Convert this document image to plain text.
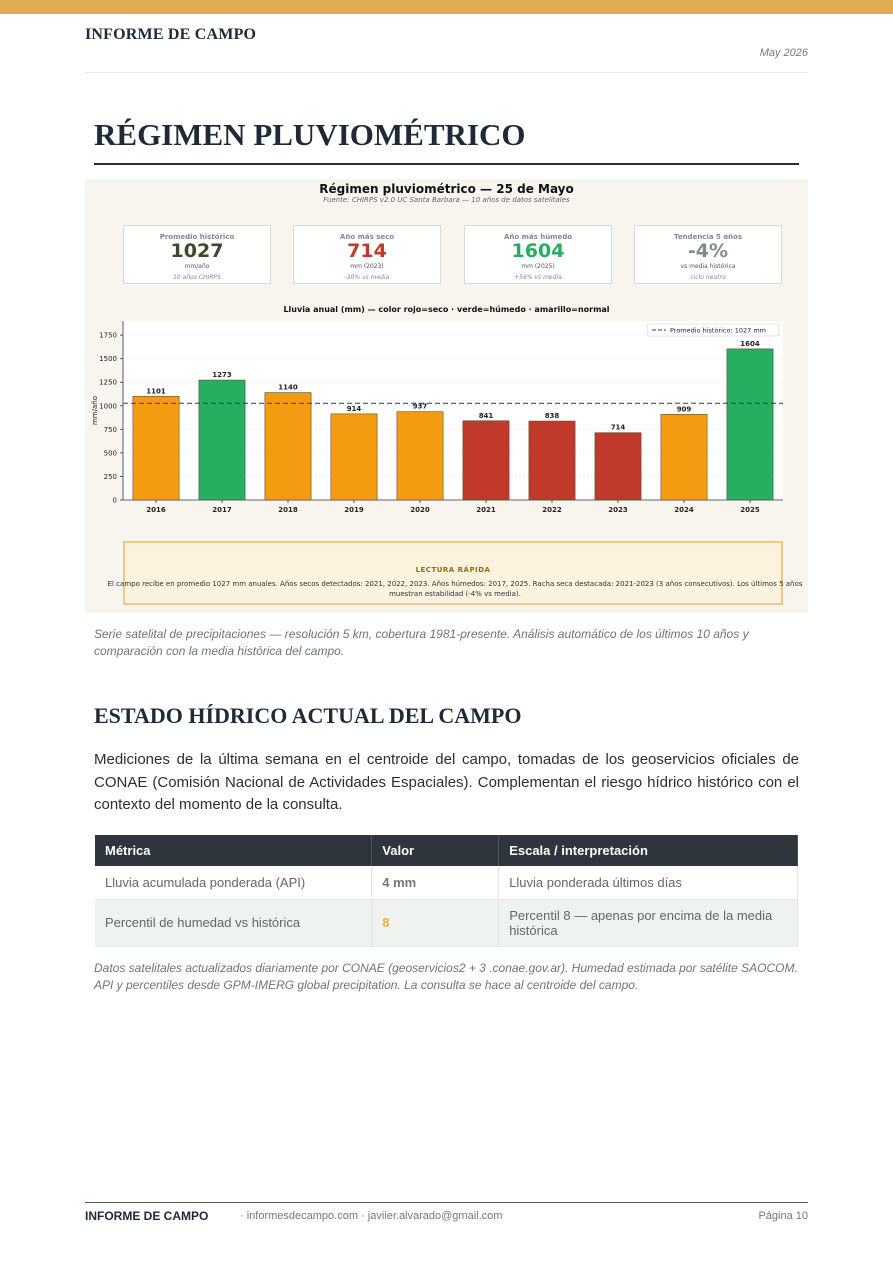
INFORME DE CAMPO
May 2026
RÉGIMEN PLUVIOMÉTRICO
Régimen pluviométrico — 25 de Mayo
Fuente: CHIRPS v2.0 UC Santa Barbara — 10 años de datos satelitales
Promedio histórico
1027
mm/año
10 años CHIRPS
Año más seco
714
mm (2023)
-30% vs media
Año más húmedo
1604
mm (2025)
+56% vs media
Tendencia 5 años
-4%
vs media histórica
ciclo neutro
Lluvia anual (mm) — color rojo=seco · verde=húmedo · amarillo=normal
0
250
500
750
1000
1250
1500
1750
mm/año
1101
2016
1273
2017
1140
2018
914
2019
937
2020
841
2021
838
2022
714
2023
909
2024
1604
2025
Promedio histórico: 1027 mm
LECTURA RÁPIDA
El campo recibe en promedio 1027 mm anuales. Años secos detectados: 2021, 2022, 2023. Años húmedos: 2017, 2025. Racha seca destacada: 2021-2023 (3 años consecutivos). Los últimos 5 años muestran estabilidad (-4% vs media).
Serie satelital de precipitaciones — resolución 5 km, cobertura 1981-presente. Análisis automático de los últimos 10 años y comparación con la media histórica del campo.
ESTADO HÍDRICO ACTUAL DEL CAMPO
Mediciones de la última semana en el centroide del campo, tomadas de los geoservicios oficiales de CONAE (Comisión Nacional de Actividades Espaciales). Complementan el riesgo hídrico histórico con el contexto del momento de la consulta.
Métrica	Valor	Escala / interpretación
Lluvia acumulada ponderada (API)	4 mm	Lluvia ponderada últimos días
Percentil de humedad vs histórica	8	Percentil 8 — apenas por encima de la media histórica
Datos satelitales actualizados diariamente por CONAE (geoservicios2 + 3 .conae.gov.ar). Humedad estimada por satélite SAOCOM. API y percentiles desde GPM-IMERG global precipitation. La consulta se hace al centroide del campo.
INFORME DE CAMPO	· informesdecampo.com · javiier.alvarado@gmail.com	Página 10
